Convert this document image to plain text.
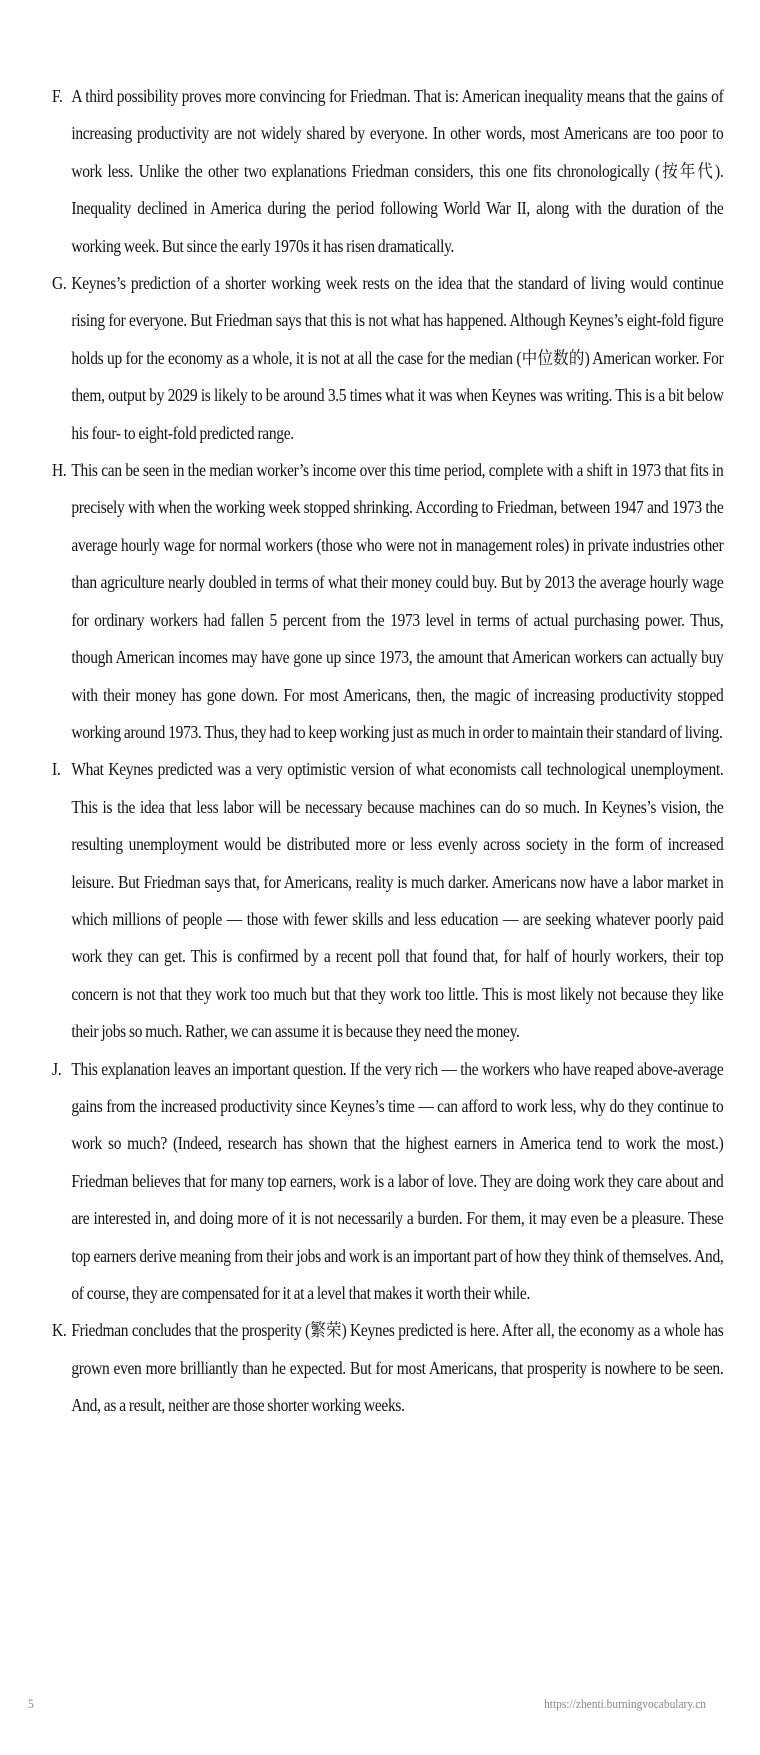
F. A third possibility proves more convincing for Friedman. That is: American inequality means that the gains of increasing productivity are not widely shared by everyone. In other words, most Americans are too poor to work less. Unlike the other two explanations Friedman considers, this one fits chronologically (按年代). Inequality declined in America during the period following World War II, along with the duration of the working week. But since the early 1970s it has risen dramatically.
G. Keynes’s prediction of a shorter working week rests on the idea that the standard of living would continue rising for everyone. But Friedman says that this is not what has happened. Although Keynes’s eight-fold figure holds up for the economy as a whole, it is not at all the case for the median (中位数的) American worker. For them, output by 2029 is likely to be around 3.5 times what it was when Keynes was writing. This is a bit below his four- to eight-fold predicted range.
H. This can be seen in the median worker’s income over this time period, complete with a shift in 1973 that fits in precisely with when the working week stopped shrinking. According to Friedman, between 1947 and 1973 the average hourly wage for normal workers (those who were not in management roles) in private industries other than agriculture nearly doubled in terms of what their money could buy. But by 2013 the average hourly wage for ordinary workers had fallen 5 percent from the 1973 level in terms of actual purchasing power. Thus, though American incomes may have gone up since 1973, the amount that American workers can actually buy with their money has gone down. For most Americans, then, the magic of increasing productivity stopped working around 1973. Thus, they had to keep working just as much in order to maintain their standard of living.
I. What Keynes predicted was a very optimistic version of what economists call technological unemployment. This is the idea that less labor will be necessary because machines can do so much. In Keynes’s vision, the resulting unemployment would be distributed more or less evenly across society in the form of increased leisure. But Friedman says that, for Americans, reality is much darker. Americans now have a labor market in which millions of people — those with fewer skills and less education — are seeking whatever poorly paid work they can get. This is confirmed by a recent poll that found that, for half of hourly workers, their top concern is not that they work too much but that they work too little. This is most likely not because they like their jobs so much. Rather, we can assume it is because they need the money.
J. This explanation leaves an important question. If the very rich — the workers who have reaped above-average gains from the increased productivity since Keynes’s time — can afford to work less, why do they continue to work so much? (Indeed, research has shown that the highest earners in America tend to work the most.) Friedman believes that for many top earners, work is a labor of love. They are doing work they care about and are interested in, and doing more of it is not necessarily a burden. For them, it may even be a pleasure. These top earners derive meaning from their jobs and work is an important part of how they think of themselves. And, of course, they are compensated for it at a level that makes it worth their while.
K. Friedman concludes that the prosperity (繁荣) Keynes predicted is here. After all, the economy as a whole has grown even more brilliantly than he expected. But for most Americans, that prosperity is nowhere to be seen. And, as a result, neither are those shorter working weeks.
5	https://zhenti.burningvocabulary.cn
